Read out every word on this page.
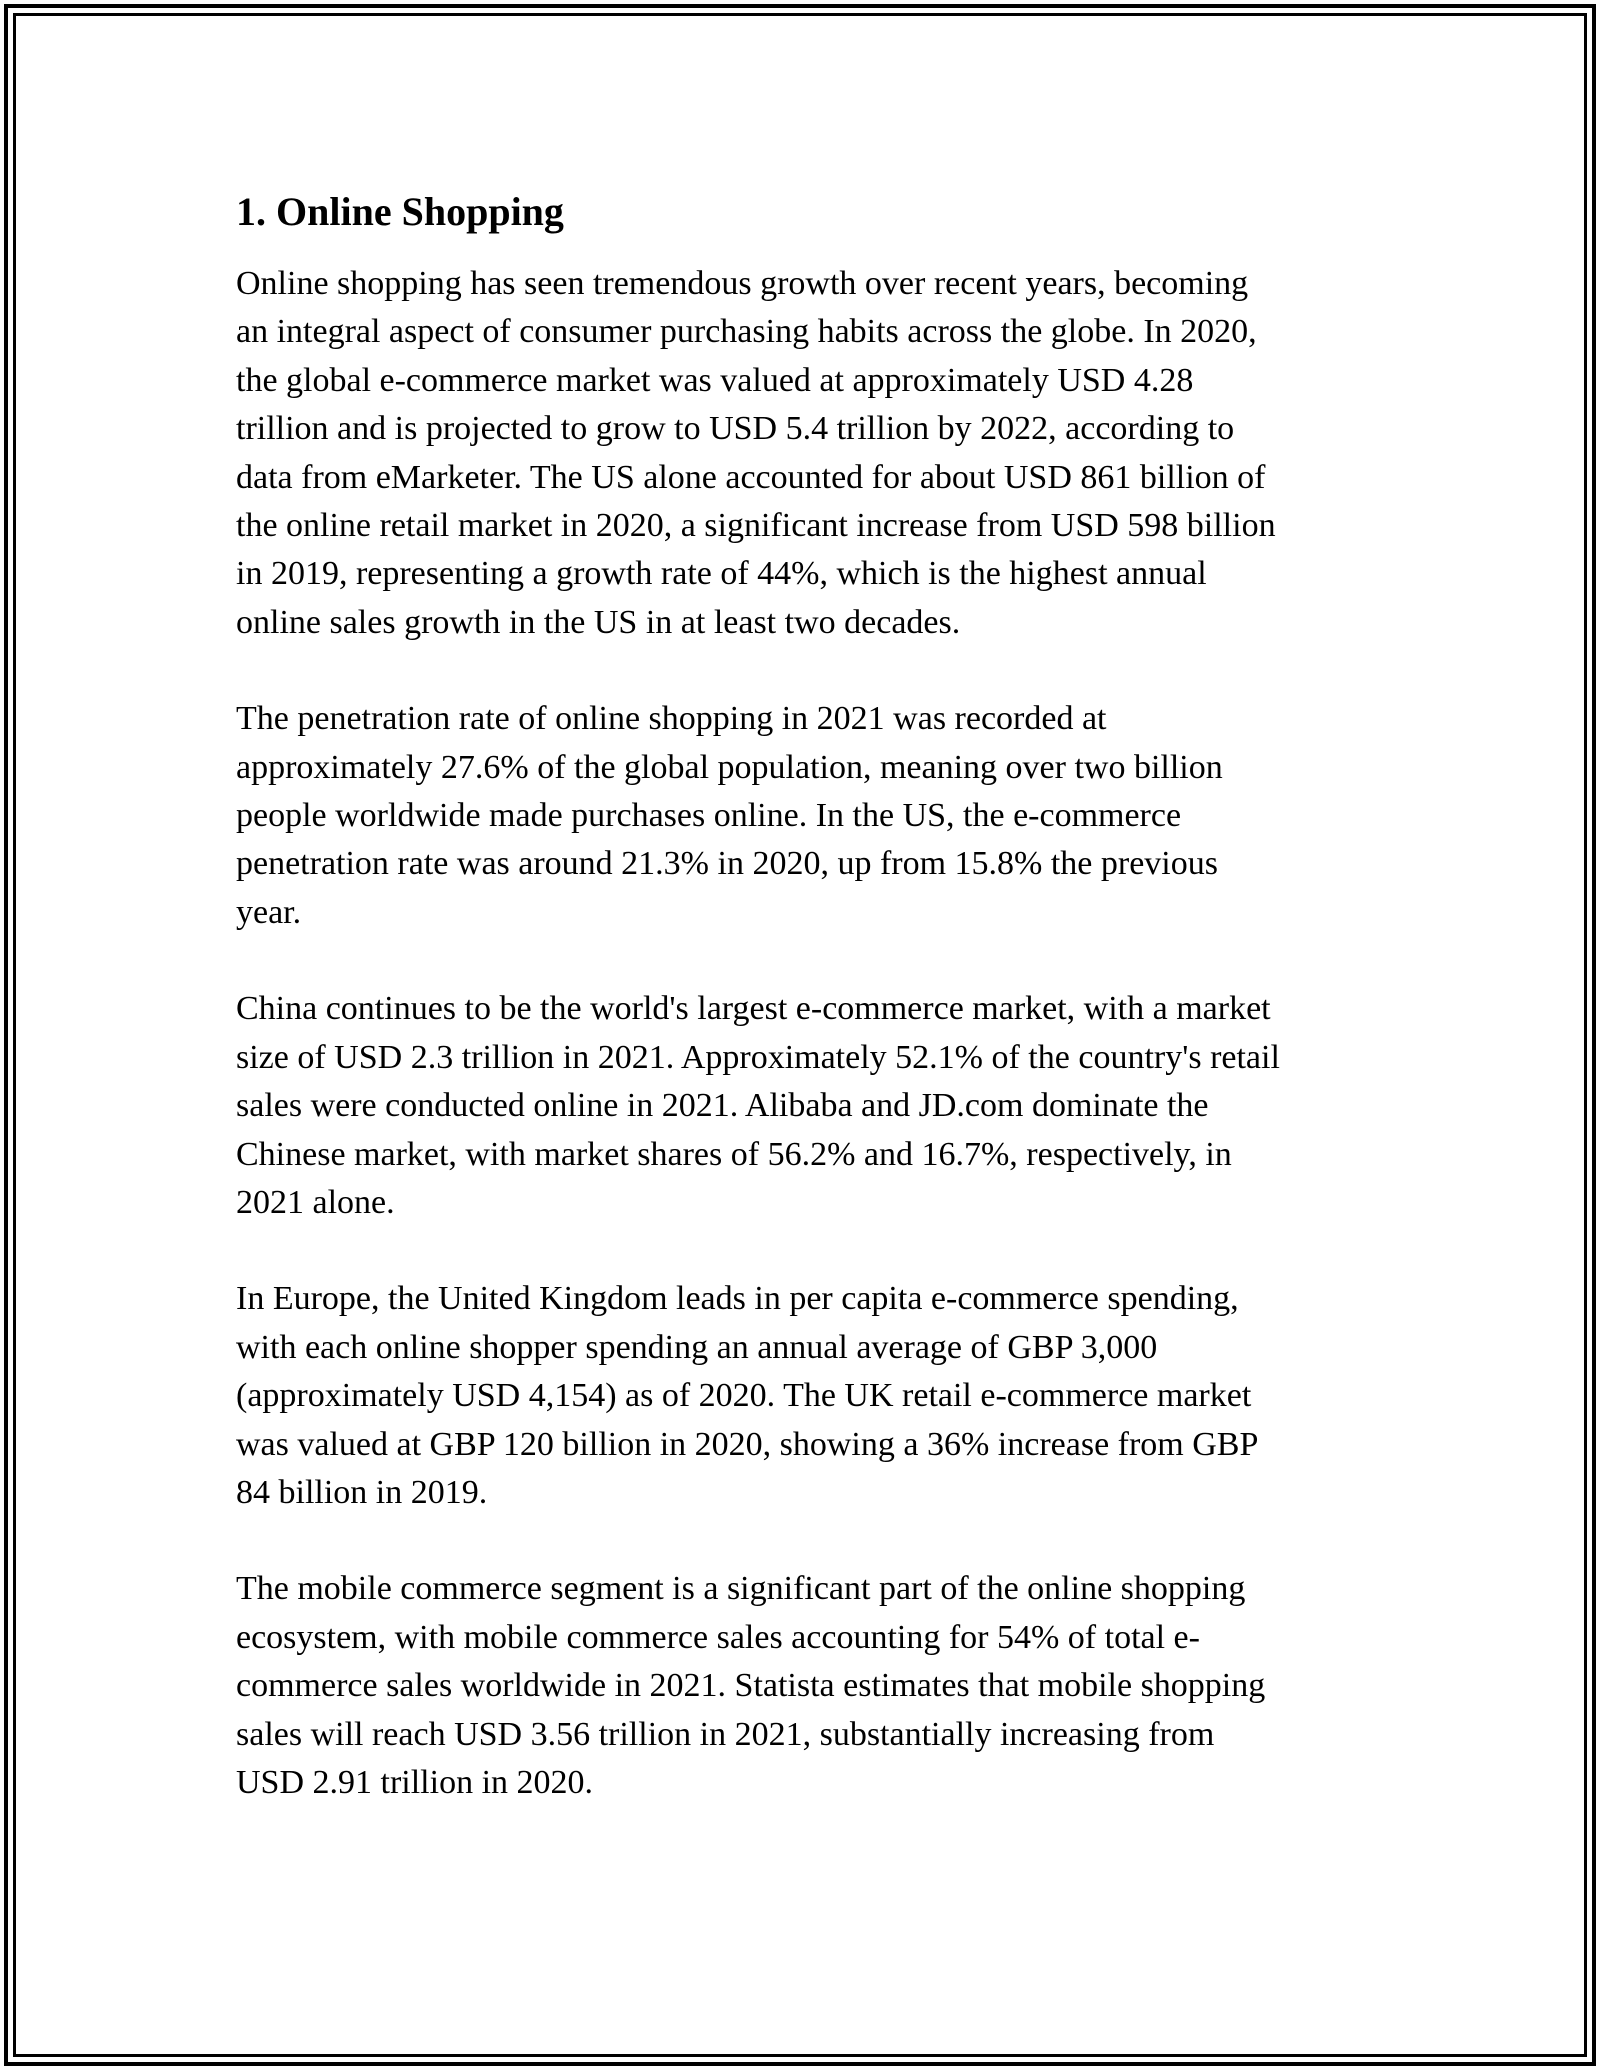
1. Online Shopping

Online shopping has seen tremendous growth over recent years, becoming
an integral aspect of consumer purchasing habits across the globe. In 2020,
the global e-commerce market was valued at approximately USD 4.28
trillion and is projected to grow to USD 5.4 trillion by 2022, according to
data from eMarketer. The US alone accounted for about USD 861 billion of
the online retail market in 2020, a significant increase from USD 598 billion
in 2019, representing a growth rate of 44%, which is the highest annual
online sales growth in the US in at least two decades.

The penetration rate of online shopping in 2021 was recorded at
approximately 27.6% of the global population, meaning over two billion
people worldwide made purchases online. In the US, the e-commerce
penetration rate was around 21.3% in 2020, up from 15.8% the previous
year.

China continues to be the world's largest e-commerce market, with a market
size of USD 2.3 trillion in 2021. Approximately 52.1% of the country's retail
sales were conducted online in 2021. Alibaba and JD.com dominate the
Chinese market, with market shares of 56.2% and 16.7%, respectively, in
2021 alone.

In Europe, the United Kingdom leads in per capita e-commerce spending,
with each online shopper spending an annual average of GBP 3,000
(approximately USD 4,154) as of 2020. The UK retail e-commerce market
was valued at GBP 120 billion in 2020, showing a 36% increase from GBP
84 billion in 2019.

The mobile commerce segment is a significant part of the online shopping
ecosystem, with mobile commerce sales accounting for 54% of total e-
commerce sales worldwide in 2021. Statista estimates that mobile shopping
sales will reach USD 3.56 trillion in 2021, substantially increasing from
USD 2.91 trillion in 2020.
